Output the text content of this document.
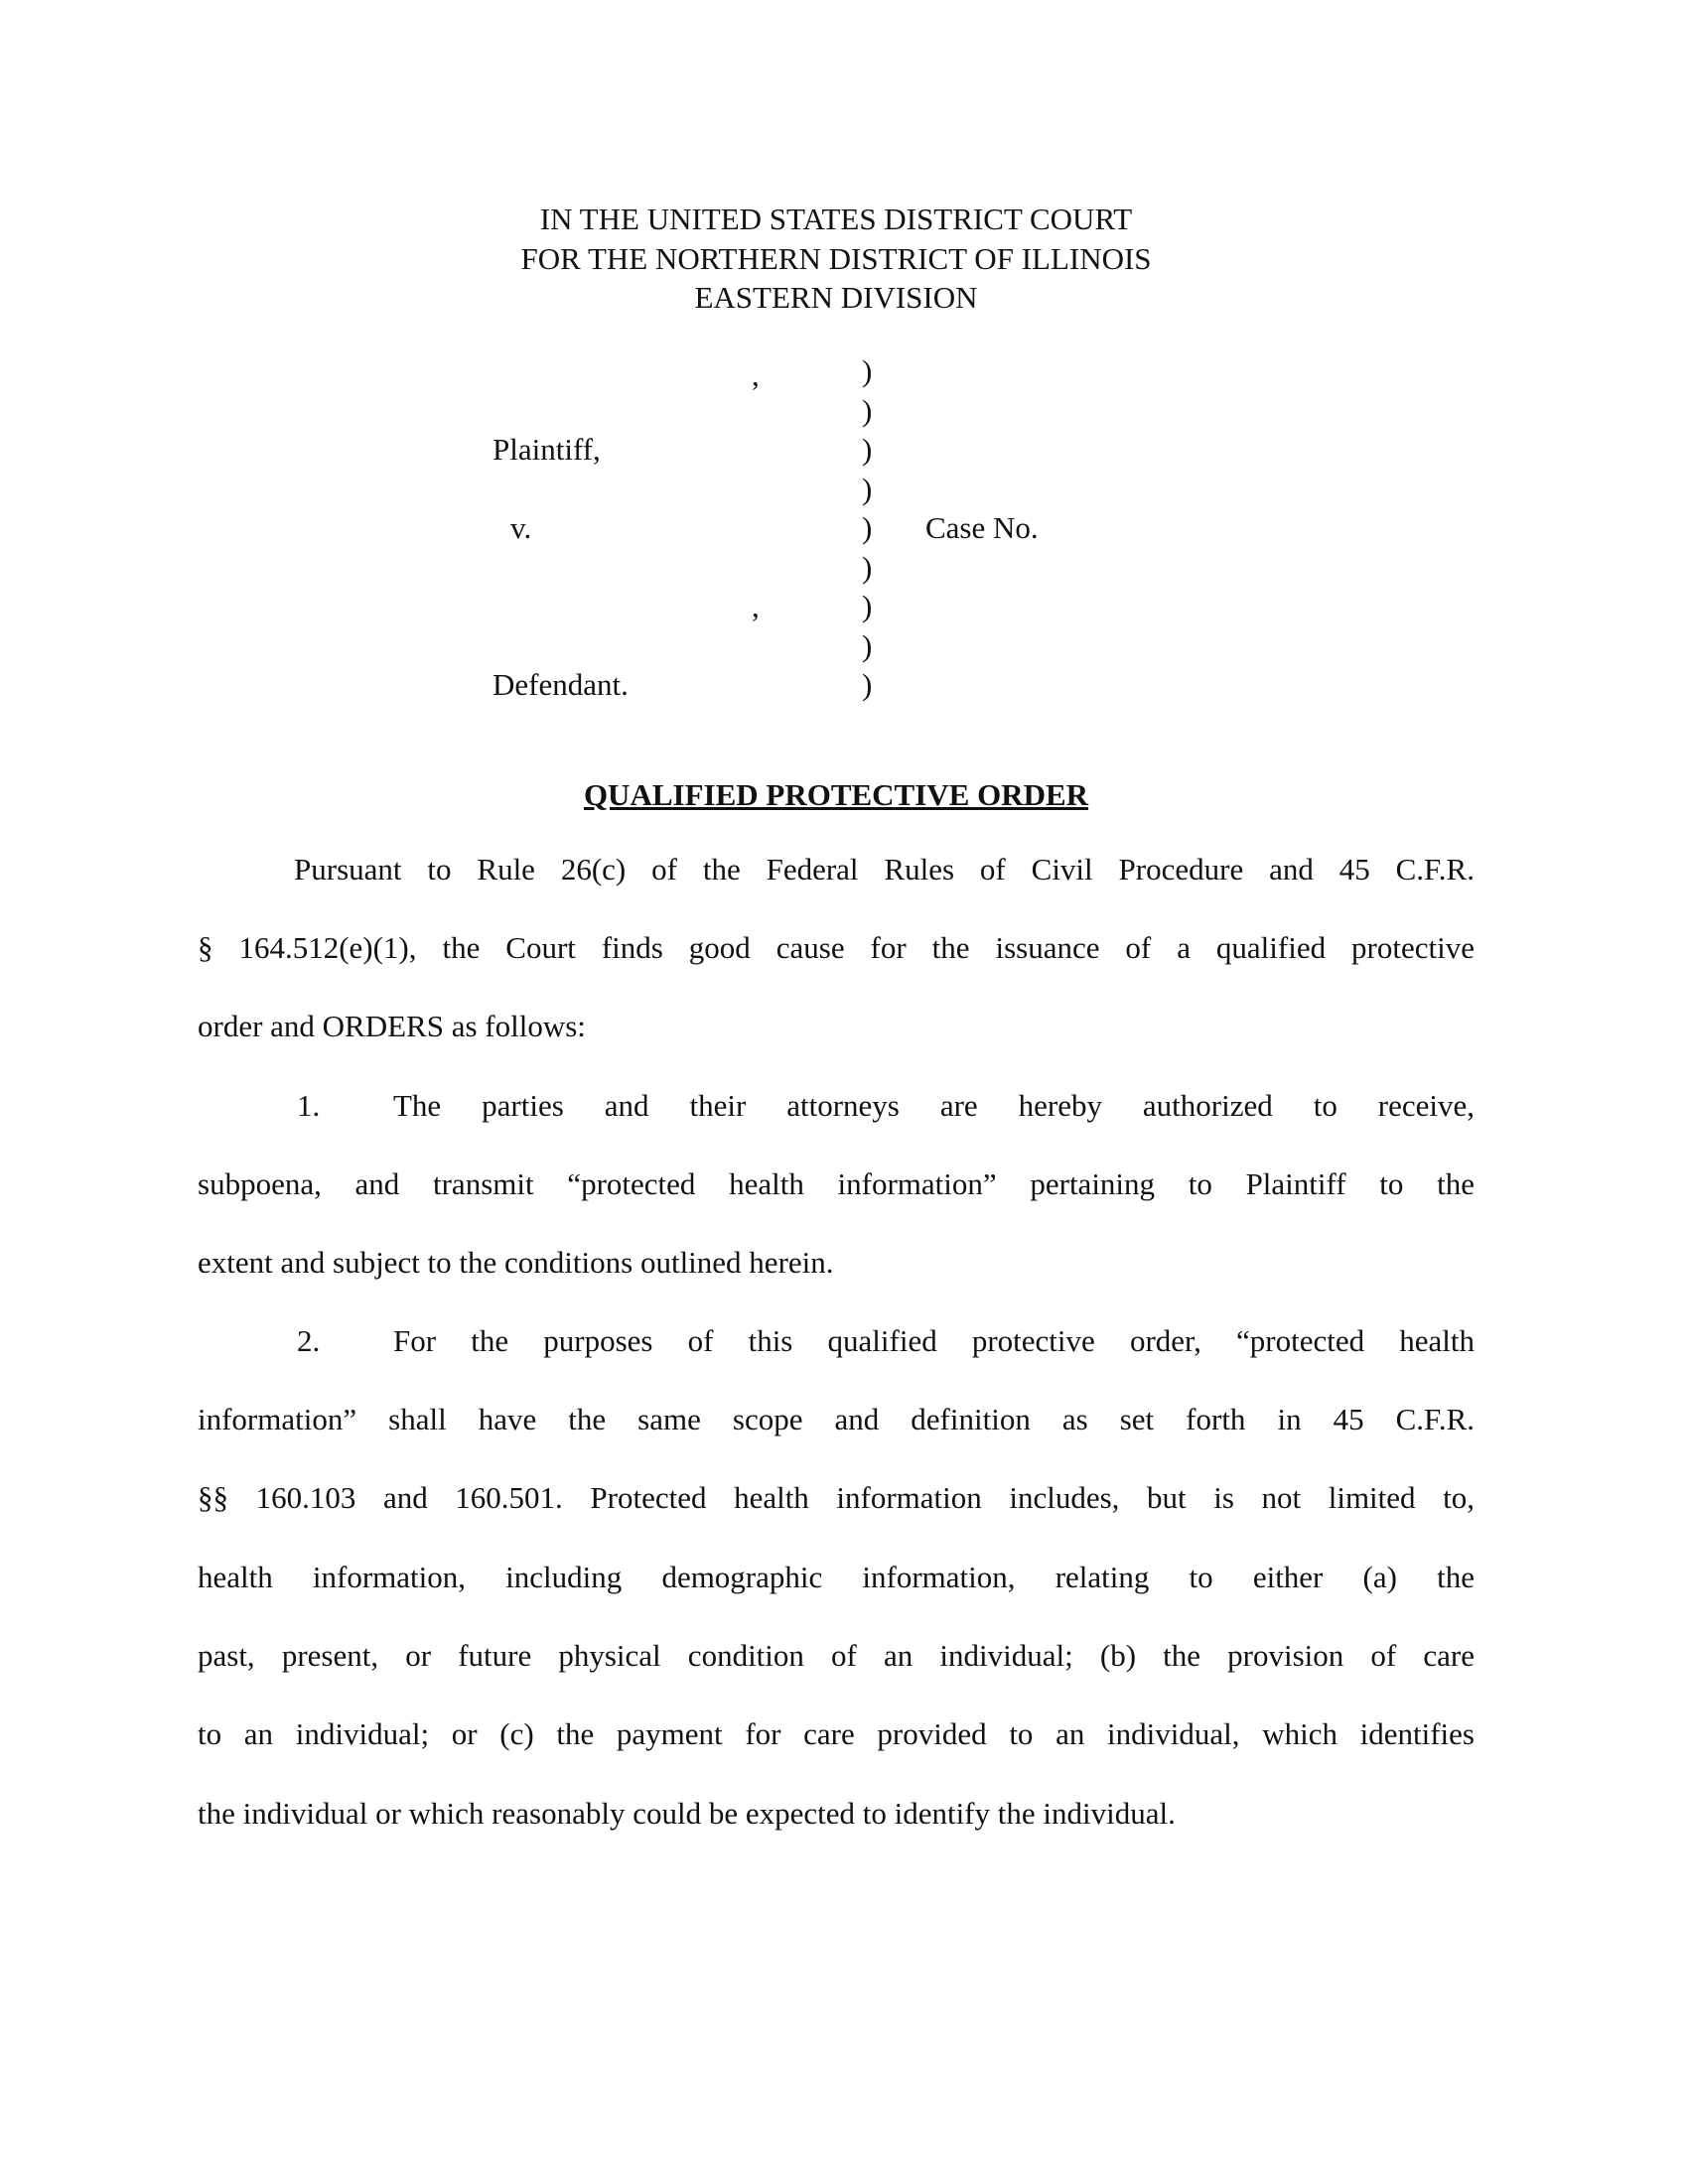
IN THE UNITED STATES DISTRICT COURT
FOR THE NORTHERN DISTRICT OF ILLINOIS
EASTERN DIVISION
,
Plaintiff,
v.	Case No.
,
Defendant.
)
)
)
)
)
)
)
)
)
QUALIFIED PROTECTIVE ORDER
Pursuant to Rule 26(c) of the Federal Rules of Civil Procedure and 45 C.F.R.
§ 164.512(e)(1), the Court finds good cause for the issuance of a qualified protective
order and ORDERS as follows:
1. The parties and their attorneys are hereby authorized to receive,
subpoena, and transmit “protected health information” pertaining to Plaintiff to the
extent and subject to the conditions outlined herein.
2. For the purposes of this qualified protective order, “protected health
information” shall have the same scope and definition as set forth in 45 C.F.R.
§§ 160.103 and 160.501. Protected health information includes, but is not limited to,
health information, including demographic information, relating to either (a) the
past, present, or future physical condition of an individual; (b) the provision of care
to an individual; or (c) the payment for care provided to an individual, which identifies
the individual or which reasonably could be expected to identify the individual.
